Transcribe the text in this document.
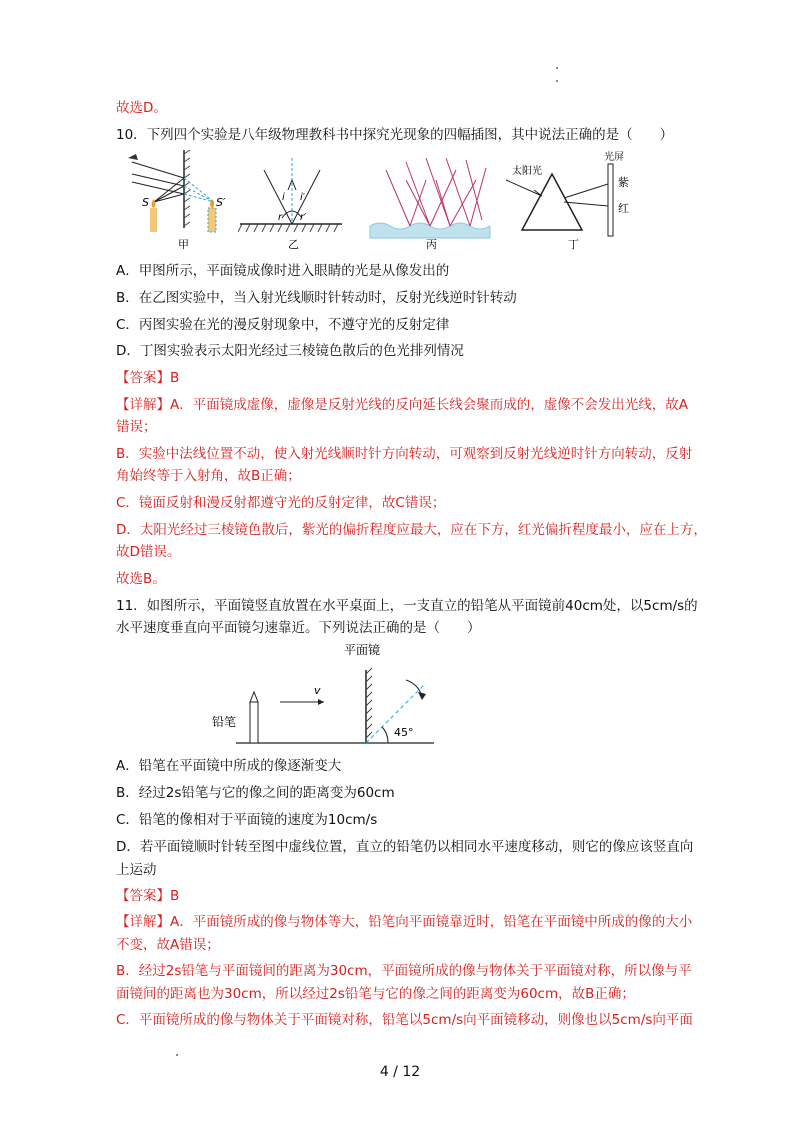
故选D。
10．下列四个实验是八年级物理教科书中探究光现象的四幅插图，其中说法正确的是（　　）
S	S′
甲
i i′
r r′
乙	丙
太阳光
光屏
紫
红
丁
A．甲图所示，平面镜成像时进入眼睛的光是从像发出的
B．在乙图实验中，当入射光线顺时针转动时，反射光线逆时针转动
C．丙图实验在光的漫反射现象中，不遵守光的反射定律
D．丁图实验表示太阳光经过三棱镜色散后的色光排列情况
【答案】B
【详解】A．平面镜成虚像，虚像是反射光线的反向延长线会聚而成的，虚像不会发出光线，故A
错误；
B．实验中法线位置不动，使入射光线顺时针方向转动，可观察到反射光线逆时针方向转动，反射
角始终等于入射角，故B正确；
C．镜面反射和漫反射都遵守光的反射定律，故C错误；
D．太阳光经过三棱镜色散后，紫光的偏折程度应最大，应在下方，红光偏折程度最小，应在上方，
故D错误。
故选B。
11．如图所示，平面镜竖直放置在水平桌面上，一支直立的铅笔从平面镜前40cm处，以5cm/s的
水平速度垂直向平面镜匀速靠近。下列说法正确的是（　　）
平面镜
铅笔
v
45°
A．铅笔在平面镜中所成的像逐渐变大
B．经过2s铅笔与它的像之间的距离变为60cm
C．铅笔的像相对于平面镜的速度为10cm/s
D．若平面镜顺时针转至图中虚线位置，直立的铅笔仍以相同水平速度移动，则它的像应该竖直向
上运动
【答案】B
【详解】A．平面镜所成的像与物体等大，铅笔向平面镜靠近时，铅笔在平面镜中所成的像的大小
不变，故A错误；
B．经过2s铅笔与平面镜间的距离为30cm，平面镜所成的像与物体关于平面镜对称，所以像与平
面镜间的距离也为30cm，所以经过2s铅笔与它的像之间的距离变为60cm，故B正确；
C．平面镜所成的像与物体关于平面镜对称，铅笔以5cm/s向平面镜移动，则像也以5cm/s向平面
4 / 12
